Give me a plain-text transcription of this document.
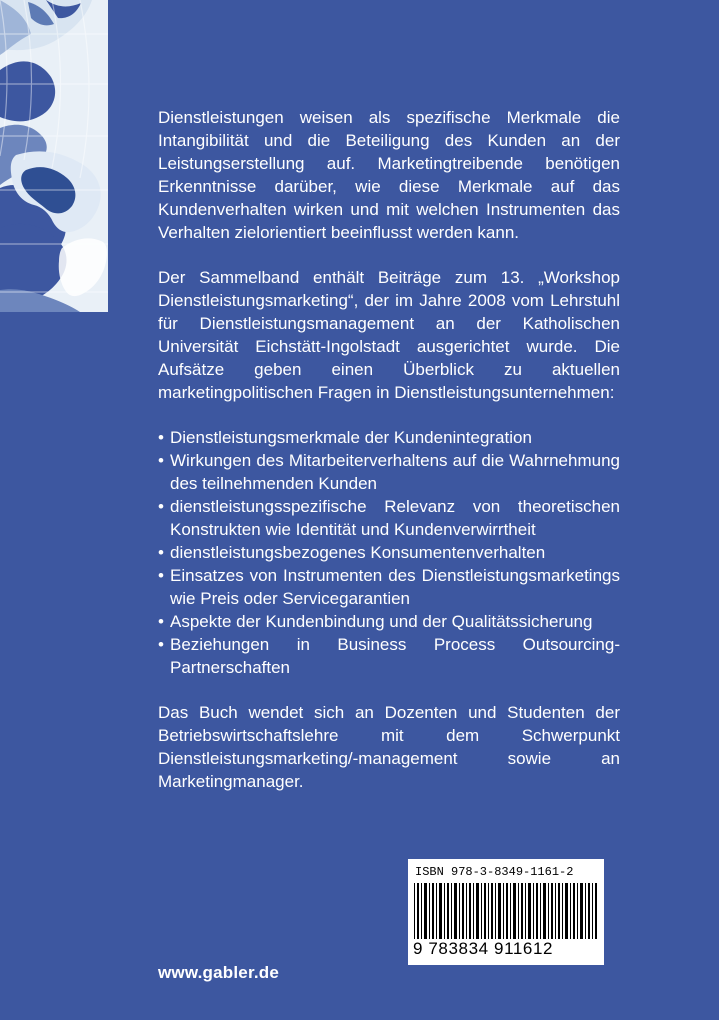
Dienstleistungen weisen als spezifische Merkmale die Intangibilität und die Beteiligung des Kunden an der Leistungserstellung auf. Marketingtreibende benötigen Erkenntnisse darüber, wie diese Merkmale auf das Kundenverhalten wirken und mit welchen Instrumenten das Verhalten zielorientiert beeinflusst werden kann.

Der Sammelband enthält Beiträge zum 13. „Workshop Dienstleistungsmarketing“, der im Jahre 2008 vom Lehrstuhl für Dienstleistungsmanagement an der Katholischen Universität Eichstätt-Ingolstadt ausgerichtet wurde. Die Aufsätze geben einen Überblick zu aktuellen marketingpolitischen Fragen in Dienstleistungsunternehmen:

• Dienstleistungsmerkmale der Kundenintegration
• Wirkungen des Mitarbeiterverhaltens auf die Wahrnehmung des teilnehmenden Kunden
• dienstleistungsspezifische Relevanz von theoretischen Konstrukten wie Identität und Kundenverwirrtheit
• dienstleistungsbezogenes Konsumentenverhalten
• Einsatzes von Instrumenten des Dienstleistungsmarketings wie Preis oder Servicegarantien
• Aspekte der Kundenbindung und der Qualitätssicherung
• Beziehungen in Business Process Outsourcing-Partnerschaften

Das Buch wendet sich an Dozenten und Studenten der Betriebswirtschaftslehre mit dem Schwerpunkt Dienstleistungsmarketing/-management sowie an Marketingmanager.

ISBN 978-3-8349-1161-2
9 783834 911612
www.gabler.de
